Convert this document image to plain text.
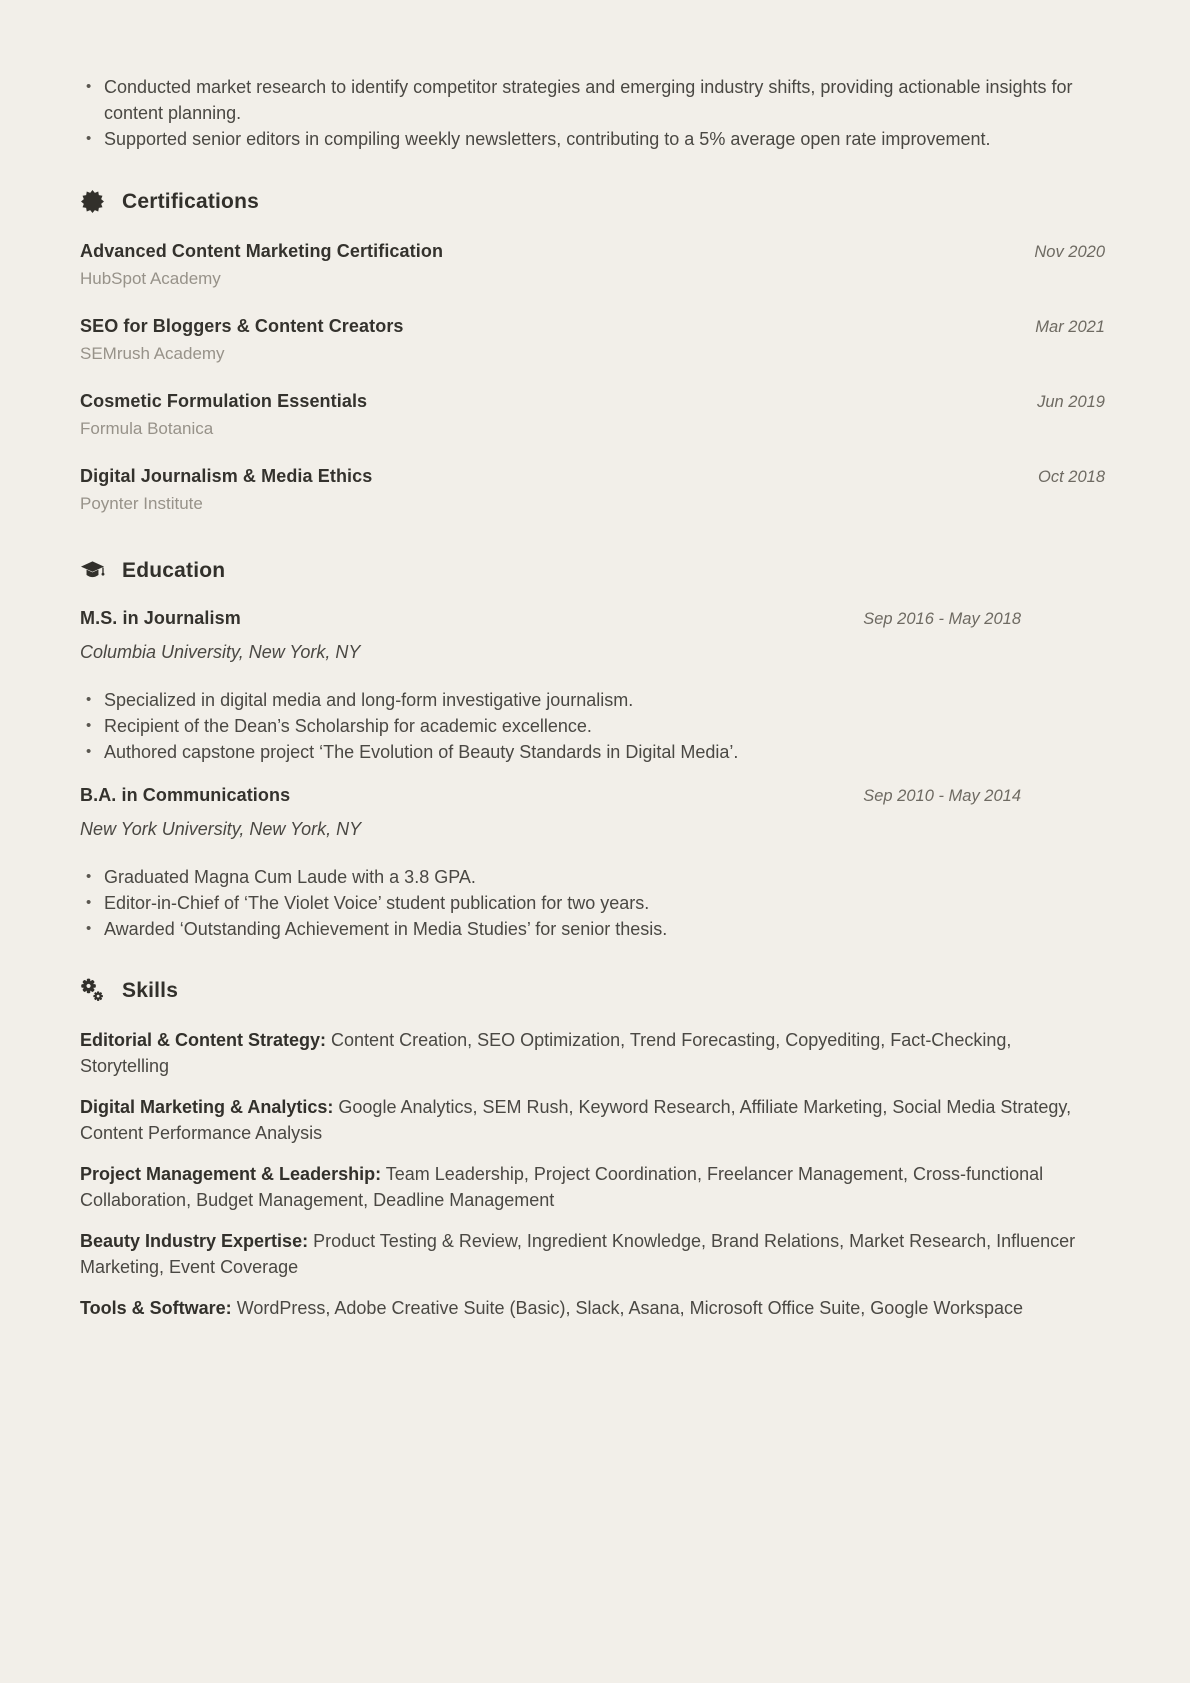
• Conducted market research to identify competitor strategies and emerging industry shifts, providing actionable insights for content planning.
• Supported senior editors in compiling weekly newsletters, contributing to a 5% average open rate improvement.
Certifications
Advanced Content Marketing Certification	Nov 2020
HubSpot Academy
SEO for Bloggers & Content Creators	Mar 2021
SEMrush Academy
Cosmetic Formulation Essentials	Jun 2019
Formula Botanica
Digital Journalism & Media Ethics	Oct 2018
Poynter Institute
Education
M.S. in Journalism	Sep 2016 - May 2018
Columbia University, New York, NY
• Specialized in digital media and long-form investigative journalism.
• Recipient of the Dean’s Scholarship for academic excellence.
• Authored capstone project ‘The Evolution of Beauty Standards in Digital Media’.
B.A. in Communications	Sep 2010 - May 2014
New York University, New York, NY
• Graduated Magna Cum Laude with a 3.8 GPA.
• Editor-in-Chief of ‘The Violet Voice’ student publication for two years.
• Awarded ‘Outstanding Achievement in Media Studies’ for senior thesis.
Skills

Editorial & Content Strategy: Content Creation, SEO Optimization, Trend Forecasting, Copyediting, Fact-Checking, Storytelling

Digital Marketing & Analytics: Google Analytics, SEM Rush, Keyword Research, Affiliate Marketing, Social Media Strategy, Content Performance Analysis

Project Management & Leadership: Team Leadership, Project Coordination, Freelancer Management, Cross-functional Collaboration, Budget Management, Deadline Management

Beauty Industry Expertise: Product Testing & Review, Ingredient Knowledge, Brand Relations, Market Research, Influencer Marketing, Event Coverage

Tools & Software: WordPress, Adobe Creative Suite (Basic), Slack, Asana, Microsoft Office Suite, Google Workspace
